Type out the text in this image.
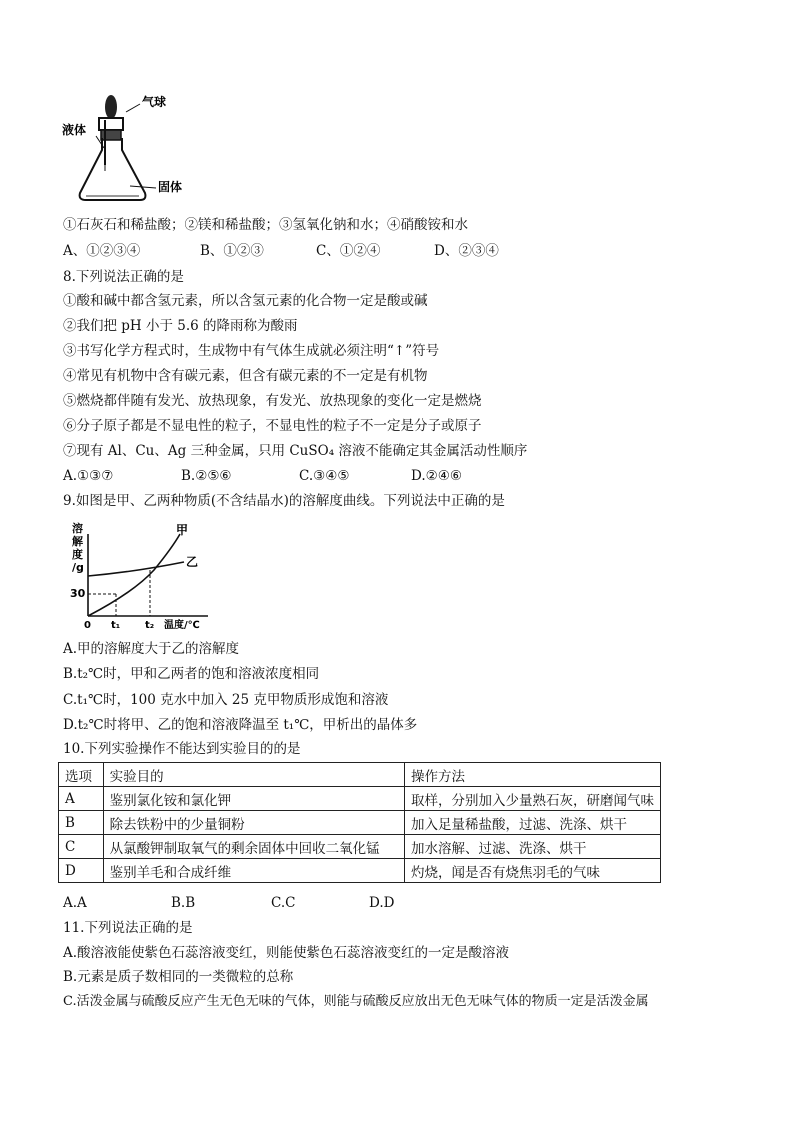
气球
液体
固体
①石灰石和稀盐酸；②镁和稀盐酸；③氢氧化钠和水；④硝酸铵和水
A、①②③④	B、①②③	C、①②④	D、②③④
8.下列说法正确的是
①酸和碱中都含氢元素，所以含氢元素的化合物一定是酸或碱
②我们把 pH 小于 5.6 的降雨称为酸雨
③书写化学方程式时，生成物中有气体生成就必须注明“↑”符号
④常见有机物中含有碳元素，但含有碳元素的不一定是有机物
⑤燃烧都伴随有发光、放热现象，有发光、放热现象的变化一定是燃烧
⑥分子原子都是不显电性的粒子，不显电性的粒子不一定是分子或原子
⑦现有 Al、Cu、Ag 三种金属，只用 CuSO₄ 溶液不能确定其金属活动性顺序
A.①③⑦	B.②⑤⑥	C.③④⑤	D.②④⑥
9.如图是甲、乙两种物质(不含结晶水)的溶解度曲线。下列说法中正确的是
溶
解
度
/g
30
甲
乙
0 t₁ t₂ 温度/℃
A.甲的溶解度大于乙的溶解度
B.t₂℃时，甲和乙两者的饱和溶液浓度相同
C.t₁℃时，100 克水中加入 25 克甲物质形成饱和溶液
D.t₂℃时将甲、乙的饱和溶液降温至 t₁℃，甲析出的晶体多
10.下列实验操作不能达到实验目的的是
选项	实验目的	操作方法
A	鉴别氯化铵和氯化钾	取样，分别加入少量熟石灰，研磨闻气味
B	除去铁粉中的少量铜粉	加入足量稀盐酸，过滤、洗涤、烘干
C	从氯酸钾制取氧气的剩余固体中回收二氧化锰	加水溶解、过滤、洗涤、烘干
D	鉴别羊毛和合成纤维	灼烧，闻是否有烧焦羽毛的气味
A.A	B.B	C.C	D.D
11.下列说法正确的是
A.酸溶液能使紫色石蕊溶液变红，则能使紫色石蕊溶液变红的一定是酸溶液
B.元素是质子数相同的一类微粒的总称
C.活泼金属与硫酸反应产生无色无味的气体，则能与硫酸反应放出无色无味气体的物质一定是活泼金属
